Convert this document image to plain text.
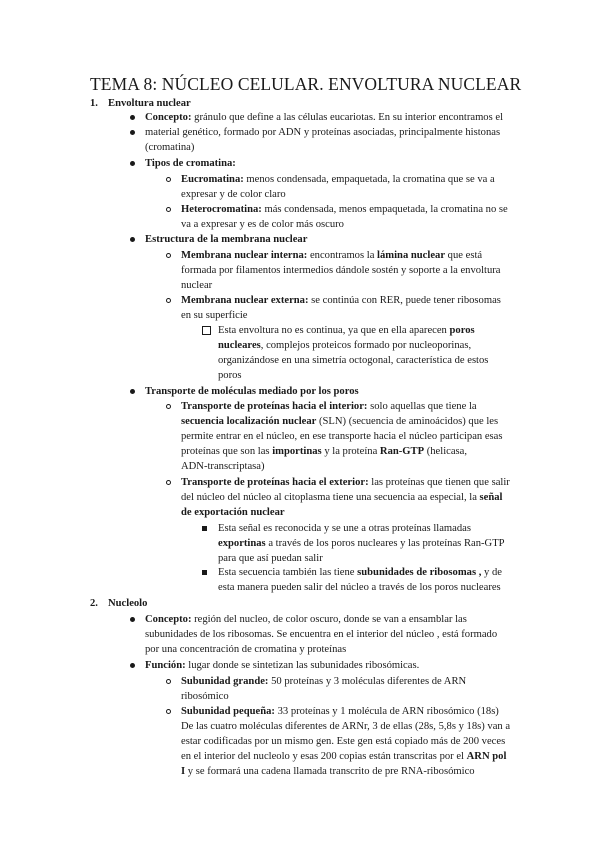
TEMA 8: NÚCLEO CELULAR. ENVOLTURA NUCLEAR
1. Envoltura nuclear
Concepto: gránulo que define a las células eucariotas. En su interior encontramos el
material genético, formado por ADN y proteínas asociadas, principalmente histonas
(cromatina)
Tipos de cromatina:
Eucromatina: menos condensada, empaquetada, la cromatina que se va a
expresar y de color claro
Heterocromatina: más condensada, menos empaquetada, la cromatina no se
va a expresar y es de color más oscuro
Estructura de la membrana nuclear
Membrana nuclear interna: encontramos la lámina nuclear que está
formada por filamentos intermedios dándole sostén y soporte a la envoltura
nuclear
Membrana nuclear externa: se continúa con RER, puede tener ribosomas
en su superficie
Esta envoltura no es continua, ya que en ella aparecen poros
nucleares, complejos proteicos formado por nucleoporinas,
organizándose en una simetría octogonal, característica de estos
poros
Transporte de moléculas mediado por los poros
Transporte de proteínas hacia el interior: solo aquellas que tiene la
secuencia localización nuclear (SLN) (secuencia de aminoácidos) que les
permite entrar en el núcleo, en ese transporte hacia el núcleo participan esas
proteínas que son las importinas y la proteína Ran-GTP (helicasa,
ADN-transcriptasa)
Transporte de proteínas hacia el exterior: las proteínas que tienen que salir
del núcleo del núcleo al citoplasma tiene una secuencia aa especial, la señal
de exportación nuclear
Esta señal es reconocida y se une a otras proteínas llamadas
exportinas a través de los poros nucleares y las proteínas Ran-GTP
para que así puedan salir
Esta secuencia también las tiene subunidades de ribosomas , y de
esta manera pueden salir del núcleo a través de los poros nucleares
2. Nucleolo
Concepto: región del nucleo, de color oscuro, donde se van a ensamblar las
subunidades de los ribosomas. Se encuentra en el interior del núcleo , está formado
por una concentración de cromatina y proteínas
Función: lugar donde se sintetizan las subunidades ribosómicas.
Subunidad grande: 50 proteínas y 3 moléculas diferentes de ARN
ribosómico
Subunidad pequeña: 33 proteínas y 1 molécula de ARN ribosómico (18s)
De las cuatro moléculas diferentes de ARNr, 3 de ellas (28s, 5,8s y 18s) van a
estar codificadas por un mismo gen. Este gen está copiado más de 200 veces
en el interior del nucleolo y esas 200 copias están transcritas por el ARN pol
I y se formará una cadena llamada transcrito de pre RNA-ribosómico
